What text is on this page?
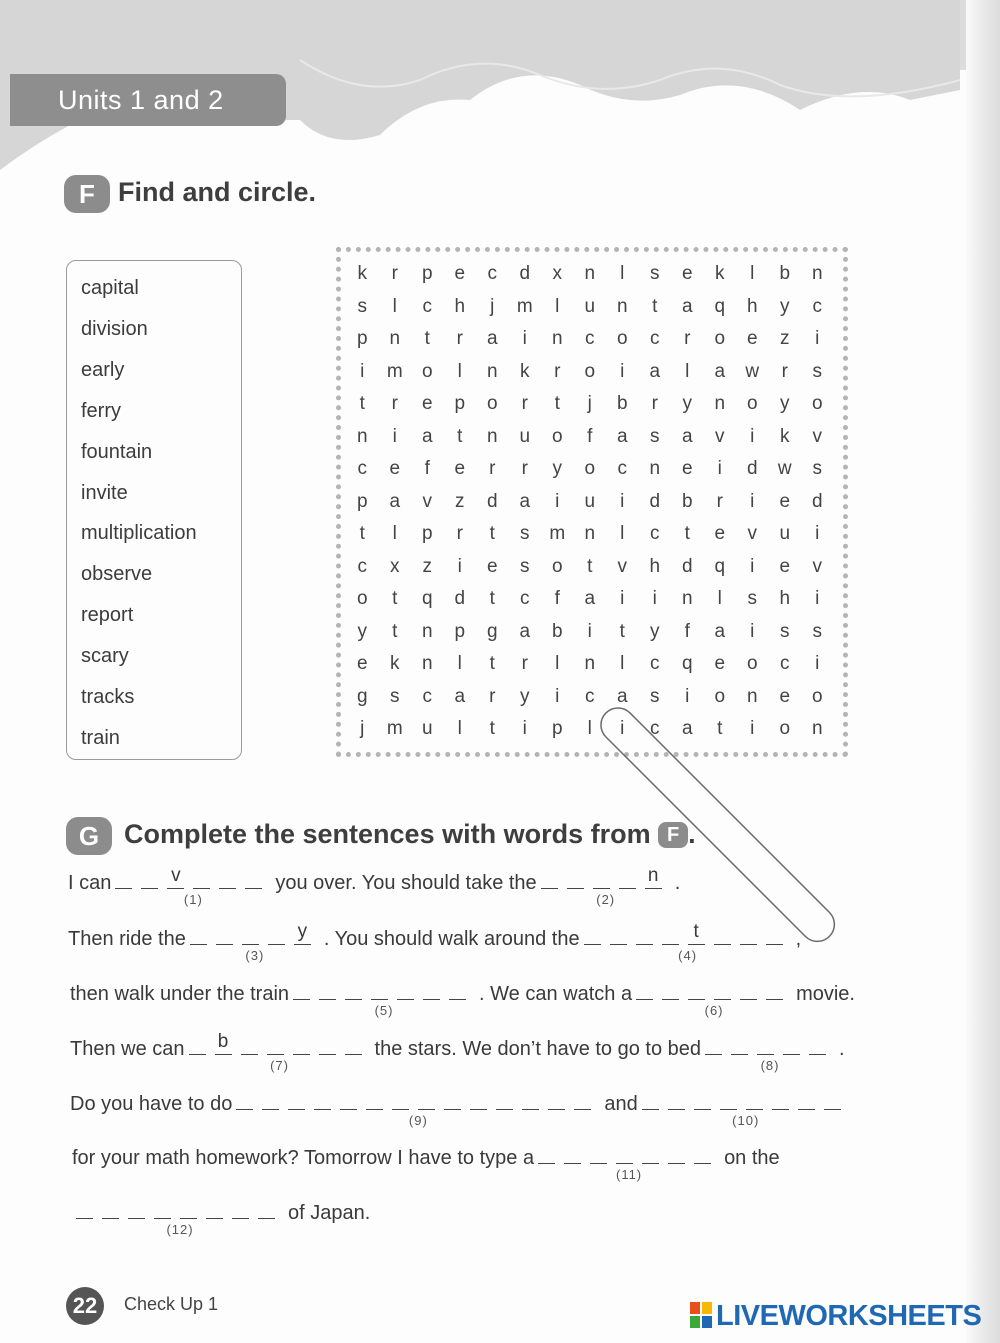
Units 1 and 2
F Find and circle.
capital
division
early
ferry
fountain
invite
multiplication
observe
report
scary
tracks
train
k	r	p	e	c	d	x	n	l	s	e	k	l	b	n
s	l	c	h	j	m	l	u	n	t	a	q	h	y	c
p	n	t	r	a	i	n	c	o	c	r	o	e	z	i
i	m	o	l	n	k	r	o	i	a	l	a	w	r	s
t	r	e	p	o	r	t	j	b	r	y	n	o	y	o
n	i	a	t	n	u	o	f	a	s	a	v	i	k	v
c	e	f	e	r	r	y	o	c	n	e	i	d	w	s
p	a	v	z	d	a	i	u	i	d	b	r	i	e	d
t	l	p	r	t	s	m	n	l	c	t	e	v	u	i
c	x	z	i	e	s	o	t	v	h	d	q	i	e	v
o	t	q	d	t	c	f	a	i	i	n	l	s	h	i
y	t	n	p	g	a	b	i	t	y	f	a	i	s	s
e	k	n	l	t	r	l	n	l	c	q	e	o	c	i
g	s	c	a	r	y	i	c	a	s	i	o	n	e	o
j	m	u	l	t	i	p	l	i	c	a	t	i	o	n
G Complete the sentences with words from F .
I can	v
(1)
you over. You should take the	n
(2)
.
Then ride the	y
(3)
. You should walk around the	t
(4)
,
then walk under the train
(5)
. We can watch a
(6)
movie.
Then we can b
(7)
the stars. We don’t have to go to bed
(8)
.
Do you have to do
(9)
and
(10)
for your math homework? Tomorrow I have to type a
(11)
on the
(12)
of Japan.
22	Check Up 1	LIVEWORKSHEETS
